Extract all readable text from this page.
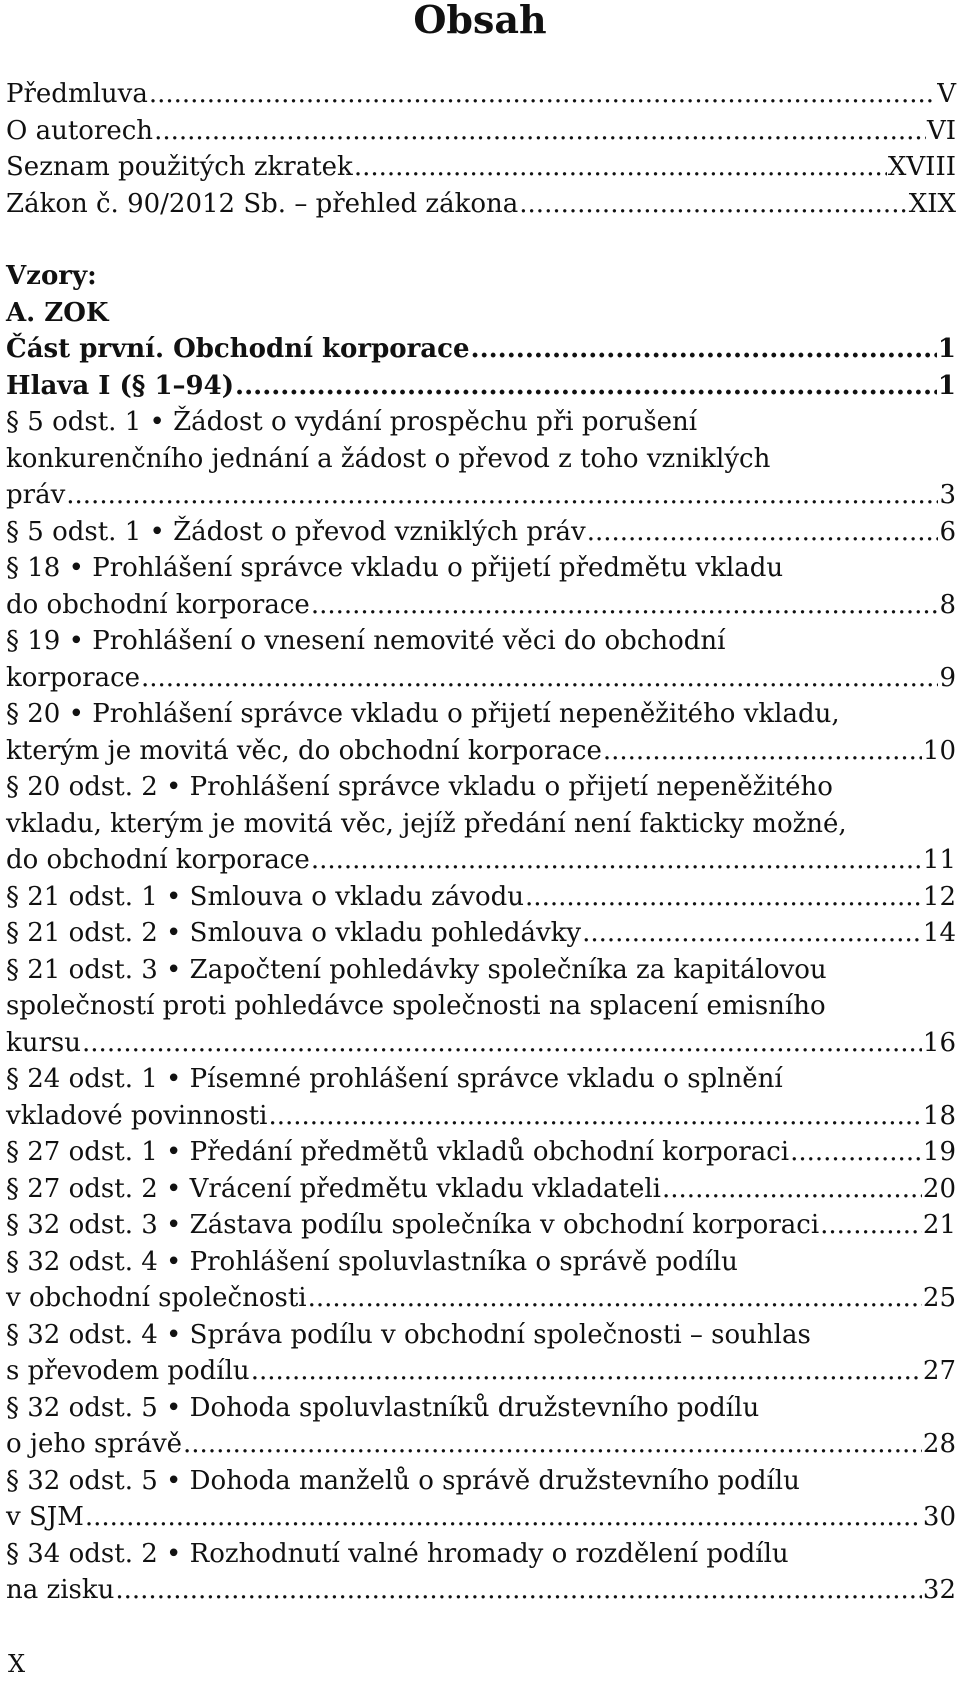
Obsah
Předmluva .....	V
O autorech .....	VI
Seznam použitých zkratek .....	XVIII
Zákon č. 90/2012 Sb. – přehled zákona .....	XIX
Vzory:
A. ZOK
Část první. Obchodní korporace .....	1
Hlava I (§ 1–94) .....	1
§ 5 odst. 1 • Žádost o vydání prospěchu při porušení
konkurenčního jednání a žádost o převod z toho vzniklých
práv .....	3
§ 5 odst. 1 • Žádost o převod vzniklých práv .....	6
§ 18 • Prohlášení správce vkladu o přijetí předmětu vkladu
do obchodní korporace .....	8
§ 19 • Prohlášení o vnesení nemovité věci do obchodní
korporace .....	9
§ 20 • Prohlášení správce vkladu o přijetí nepeněžitého vkladu,
kterým je movitá věc, do obchodní korporace .....	10
§ 20 odst. 2 • Prohlášení správce vkladu o přijetí nepeněžitého
vkladu, kterým je movitá věc, jejíž předání není fakticky možné,
do obchodní korporace .....	11
§ 21 odst. 1 • Smlouva o vkladu závodu .....	12
§ 21 odst. 2 • Smlouva o vkladu pohledávky .....	14
§ 21 odst. 3 • Započtení pohledávky společníka za kapitálovou
společností proti pohledávce společnosti na splacení emisního
kursu .....	16
§ 24 odst. 1 • Písemné prohlášení správce vkladu o splnění
vkladové povinnosti .....	18
§ 27 odst. 1 • Předání předmětů vkladů obchodní korporaci .....	19
§ 27 odst. 2 • Vrácení předmětu vkladu vkladateli .....	20
§ 32 odst. 3 • Zástava podílu společníka v obchodní korporaci .....	21
§ 32 odst. 4 • Prohlášení spoluvlastníka o správě podílu
v obchodní společnosti .....	25
§ 32 odst. 4 • Správa podílu v obchodní společnosti – souhlas
s převodem podílu .....	27
§ 32 odst. 5 • Dohoda spoluvlastníků družstevního podílu
o jeho správě .....	28
§ 32 odst. 5 • Dohoda manželů o správě družstevního podílu
v SJM .....	30
§ 34 odst. 2 • Rozhodnutí valné hromady o rozdělení podílu
na zisku .....	32
X
